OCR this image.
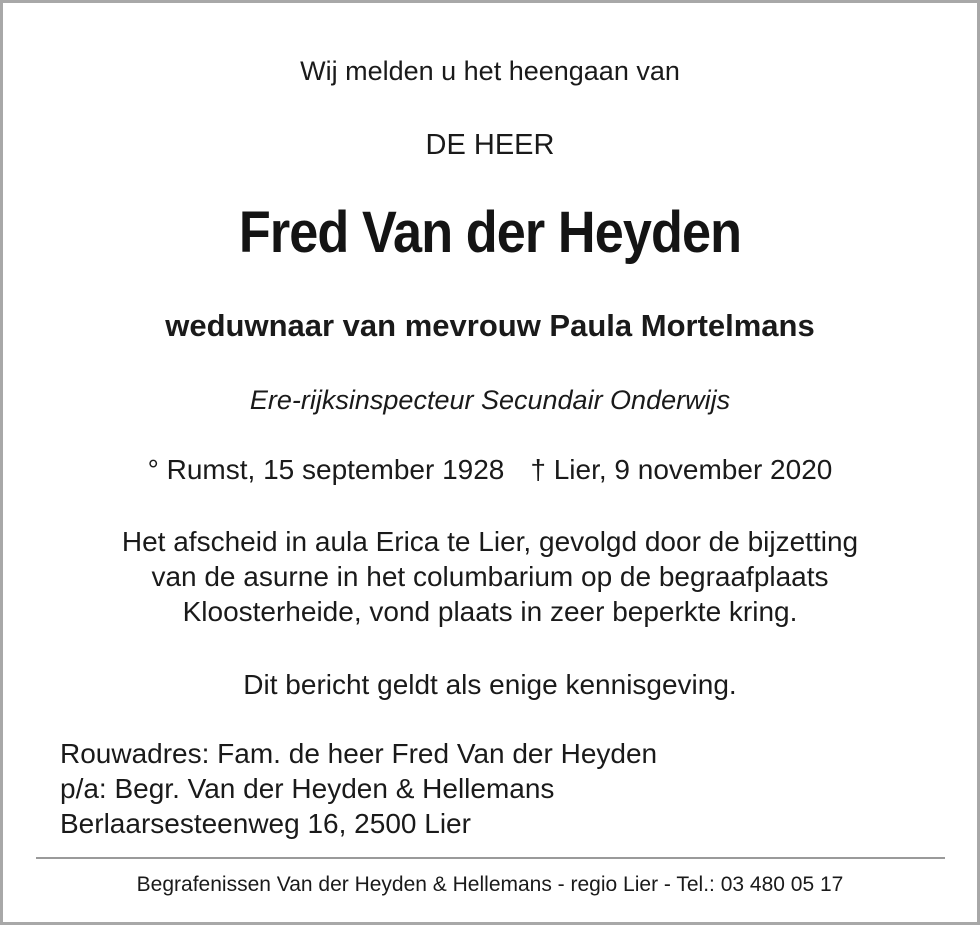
Wij melden u het heengaan van
DE HEER
Fred Van der Heyden
weduwnaar van mevrouw Paula Mortelmans
Ere-rijksinspecteur Secundair Onderwijs
° Rumst, 15 september 1928 † Lier, 9 november 2020
Het afscheid in aula Erica te Lier, gevolgd door de bijzetting
van de asurne in het columbarium op de begraafplaats
Kloosterheide, vond plaats in zeer beperkte kring.
Dit bericht geldt als enige kennisgeving.
Rouwadres: Fam. de heer Fred Van der Heyden
p/a: Begr. Van der Heyden & Hellemans
Berlaarsesteenweg 16, 2500 Lier
Begrafenissen Van der Heyden & Hellemans - regio Lier - Tel.: 03 480 05 17
